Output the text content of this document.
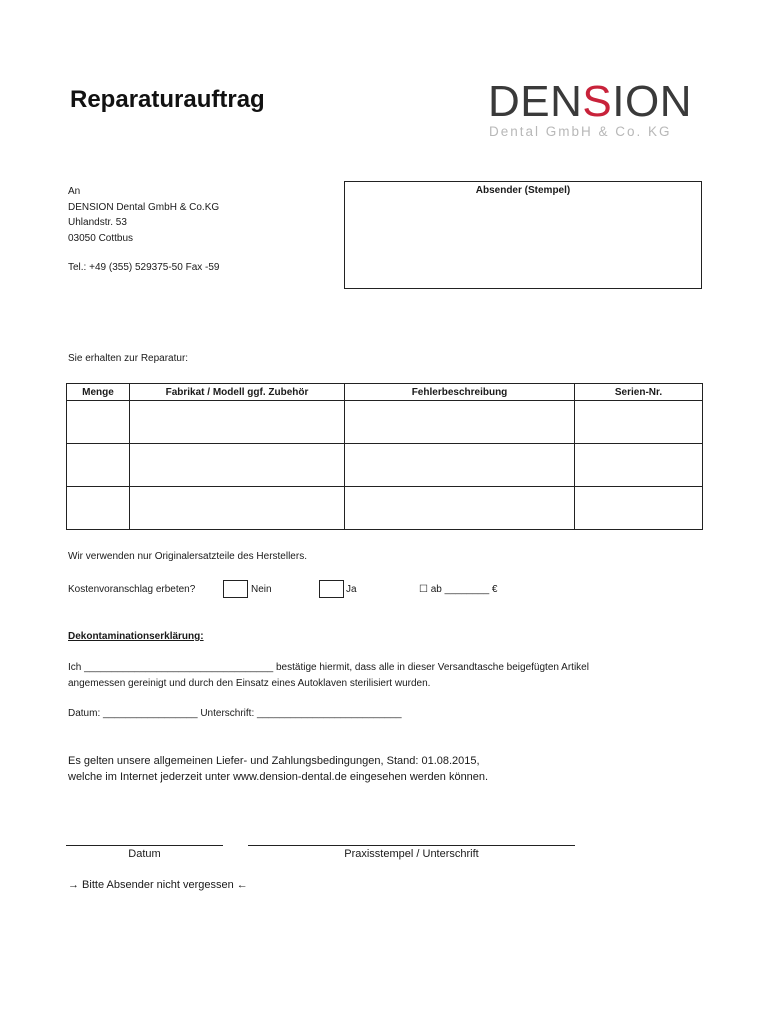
Reparaturauftrag	DENSION
Dental GmbH & Co. KG
An
DENSION Dental GmbH & Co.KG
Uhlandstr. 53
03050 Cottbus
Tel.: +49 (355) 529375-50 Fax -59
Absender (Stempel)
Sie erhalten zur Reparatur:
Menge	Fabrikat / Modell ggf. Zubehör	Fehlerbeschreibung	Serien-Nr.

Wir verwenden nur Originalersatzteile des Herstellers.
Kostenvoranschlag erbeten?	Nein	Ja	☐ ab ________ €
Dekontaminationserklärung:
Ich __________________________________ bestätige hiermit, dass alle in dieser Versandtasche beigefügten Artikel
angemessen gereinigt und durch den Einsatz eines Autoklaven sterilisiert wurden.
Datum: _________________ Unterschrift: __________________________
Es gelten unsere allgemeinen Liefer- und Zahlungsbedingungen, Stand: 01.08.2015,
welche im Internet jederzeit unter www.dension-dental.de eingesehen werden können.
Datum	Praxisstempel / Unterschrift
→ Bitte Absender nicht vergessen ←
